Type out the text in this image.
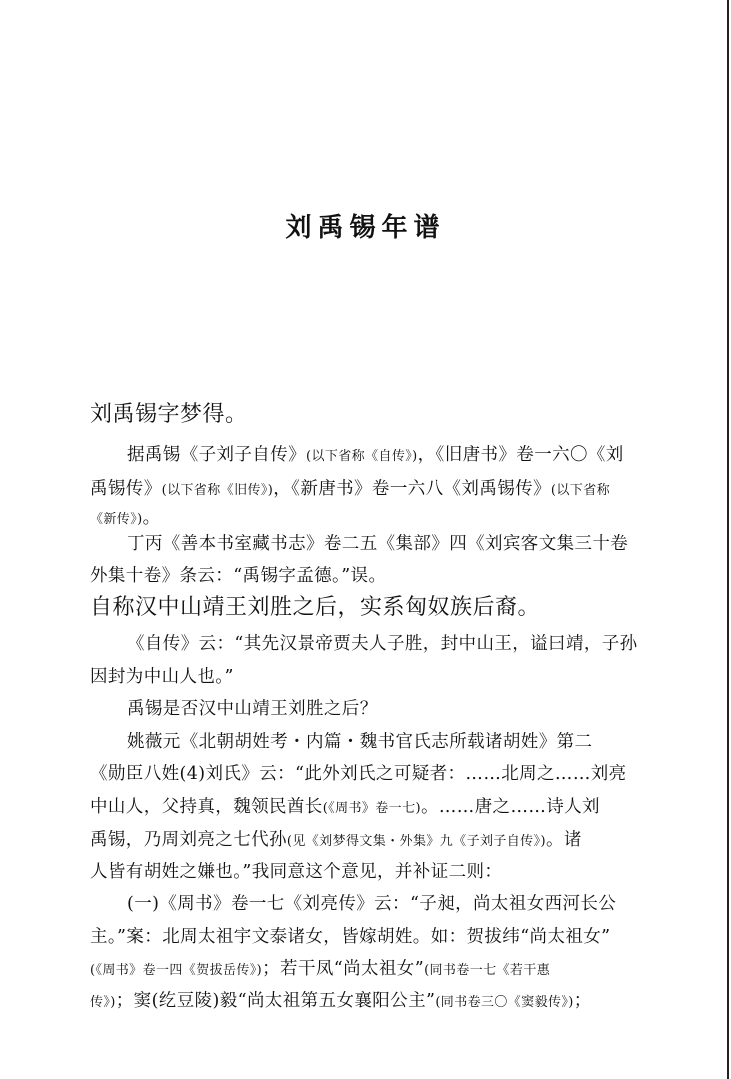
刘禹锡年谱
刘禹锡字梦得。
据禹锡《子刘子自传》(以下省称《自传》)，《旧唐书》卷一六〇《刘
禹锡传》(以下省称《旧传》)，《新唐书》卷一六八《刘禹锡传》(以下省称
《新传》)。
丁丙《善本书室藏书志》卷二五《集部》四《刘宾客文集三十卷
外集十卷》条云：“禹锡字孟德。”误。
自称汉中山靖王刘胜之后，实系匈奴族后裔。
《自传》云：“其先汉景帝贾夫人子胜，封中山王，谥曰靖，子孙
因封为中山人也。”
禹锡是否汉中山靖王刘胜之后？
姚薇元《北朝胡姓考・内篇・魏书官氏志所载诸胡姓》第二
《勋臣八姓(4)刘氏》云：“此外刘氏之可疑者：……北周之……刘亮
中山人，父持真，魏领民酋长(《周书》卷一七)。……唐之……诗人刘
禹锡，乃周刘亮之七代孙(见《刘梦得文集・外集》九《子刘子自传》)。诸
人皆有胡姓之嫌也。”我同意这个意见，并补证二则：
(一)《周书》卷一七《刘亮传》云：“子昶，尚太祖女西河长公
主。”案：北周太祖宇文泰诸女，皆嫁胡姓。如：贺拔纬“尚太祖女”
(《周书》卷一四《贺拔岳传》)；若干凤“尚太祖女”(同书卷一七《若干惠
传》)；窦(纥豆陵)毅“尚太祖第五女襄阳公主”(同书卷三〇《窦毅传》)；
